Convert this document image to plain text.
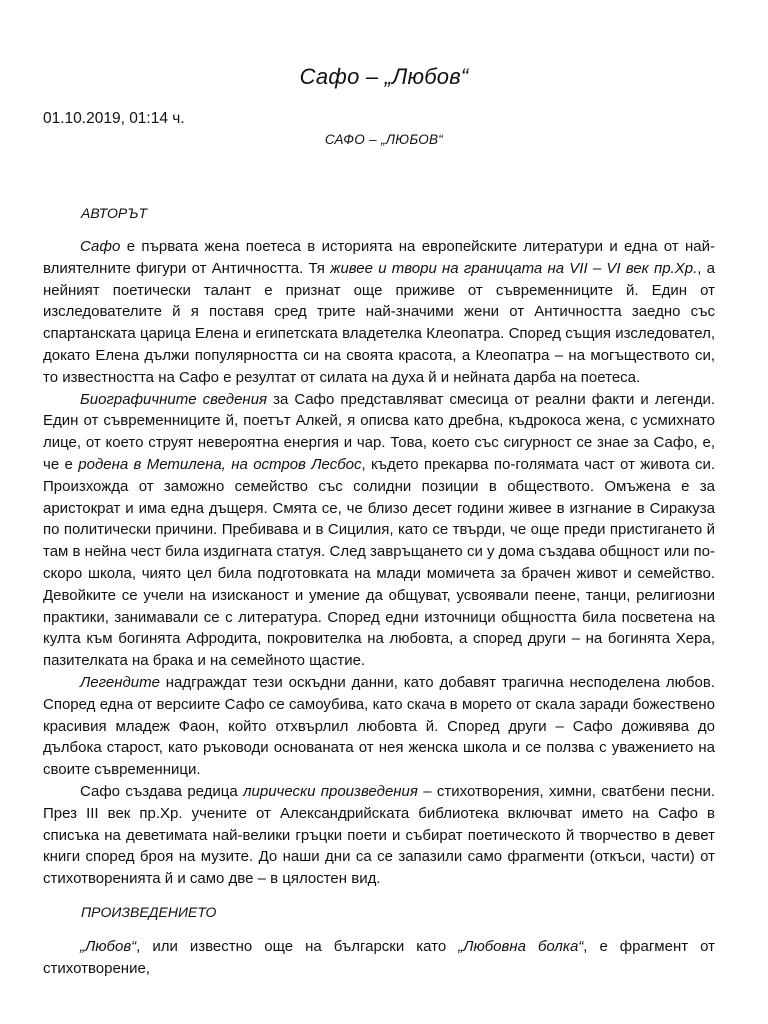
Сафо – „Любов“
01.10.2019, 01:14 ч.
САФО – „ЛЮБОВ“
АВТОРЪТ

Сафо е първата жена поетеса в историята на европейските литератури и една от най-влиятелните фигури от Античността. Тя живее и твори на границата на VII – VI век пр.Хр., а нейният поетически талант е признат още приживе от съвременниците й. Един от изследователите й я поставя сред трите най-значими жени от Античността заедно със спартанската царица Елена и египетската владетелка Клеопатра. Според същия изследовател, докато Елена дължи популярността си на своята красота, а Клеопатра – на могъществото си, то известността на Сафо е резултат от силата на духа й и нейната дарба на поетеса.

Биографичните сведения за Сафо представляват смесица от реални факти и легенди. Един от съвременниците й, поетът Алкей, я описва като дребна, къдрокоса жена, с усмихнато лице, от което струят невероятна енергия и чар. Това, което със сигурност се знае за Сафо, е, че е родена в Метилена, на остров Лесбос, където прекарва по-голямата част от живота си. Произхожда от заможно семейство със солидни позиции в обществото. Омъжена е за аристократ и има една дъщеря. Смята се, че близо десет години живее в изгнание в Сиракуза по политически причини. Пребивава и в Сицилия, като се твърди, че още преди пристигането й там в нейна чест била издигната статуя. След завръщането си у дома създава общност или по-скоро школа, чиято цел била подготовката на млади момичета за брачен живот и семейство. Девойките се учели на изисканост и умение да общуват, усвоявали пеене, танци, религиозни практики, занимавали се с литература. Според едни източници общността била посветена на култа към богинята Афродита, покровителка на любовта, а според други – на богинята Хера, пазителката на брака и на семейното щастие.

Легендите надграждат тези оскъдни данни, като добавят трагична несподелена любов. Според една от версиите Сафо се самоубива, като скача в морето от скала заради божествено красивия младеж Фаон, който отхвърлил любовта й. Според други – Сафо доживява до дълбока старост, като ръководи основаната от нея женска школа и се ползва с уважението на своите съвременници.

Сафо създава редица лирически произведения – стихотворения, химни, сватбени песни. През III век пр.Хр. учените от Александрийската библиотека включват името на Сафо в списъка на деветимата най-велики гръцки поети и събират поетическото й творчество в девет книги според броя на музите. До наши дни са се запазили само фрагменти (откъси, части) от стихотворенията й и само две – в цялостен вид.

ПРОИЗВЕДЕНИЕТО

„Любов“, или известно още на български като „Любовна болка“, е фрагмент от стихотворение,
